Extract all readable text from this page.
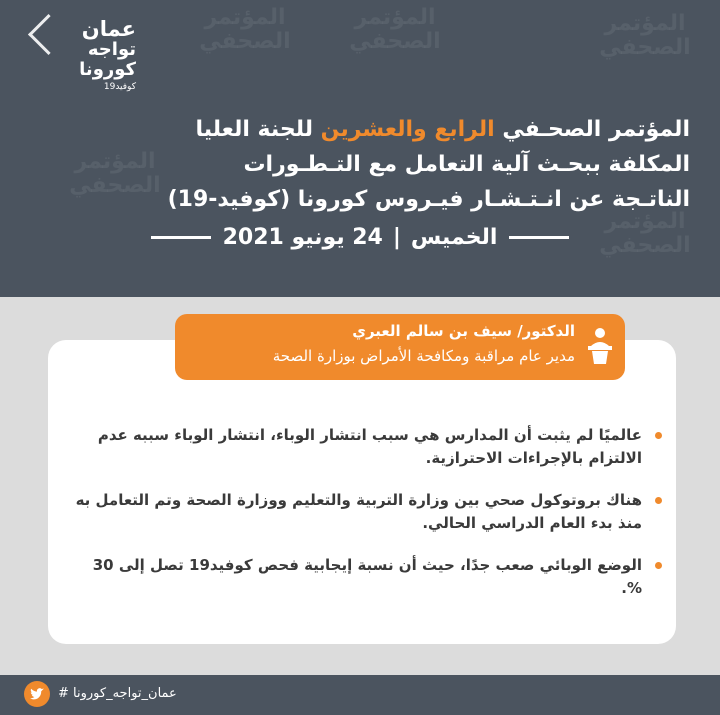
المؤتمر
الصحفي
المؤتمر
الصحفي
المؤتمر
الصحفي
المؤتمر
الصحفي
المؤتمر
الصحفي
عمان
تواجه
كورونا
كوفيد19
المؤتمر الصحـفي الرابع والعشرين للجنة العليا
المكلفة ببحـث آلية التعامل مع التـطـورات
الناتـجة عن انـتـشـار فيـروس كورونا (كوفيد-19)
الخميس
|
24 يونيو 2021
الدكتور/ سيف بن سالم العبري
مدير عام مراقبة ومكافحة الأمراض بوزارة الصحة
عالميًا لم يثبت أن المدارس هي سبب انتشار الوباء، انتشار الوباء سببه عدم الالتزام بالإجراءات الاحترازية.
هناك بروتوكول صحي بين وزارة التربية والتعليم ووزارة الصحة وتم التعامل به منذ بدء العام الدراسي الحالي.
الوضع الوبائي صعب جدًا، حيث أن نسبة إيجابية فحص كوفيد19 تصل إلى 30 %.
# عمان_تواجه_كورونا
